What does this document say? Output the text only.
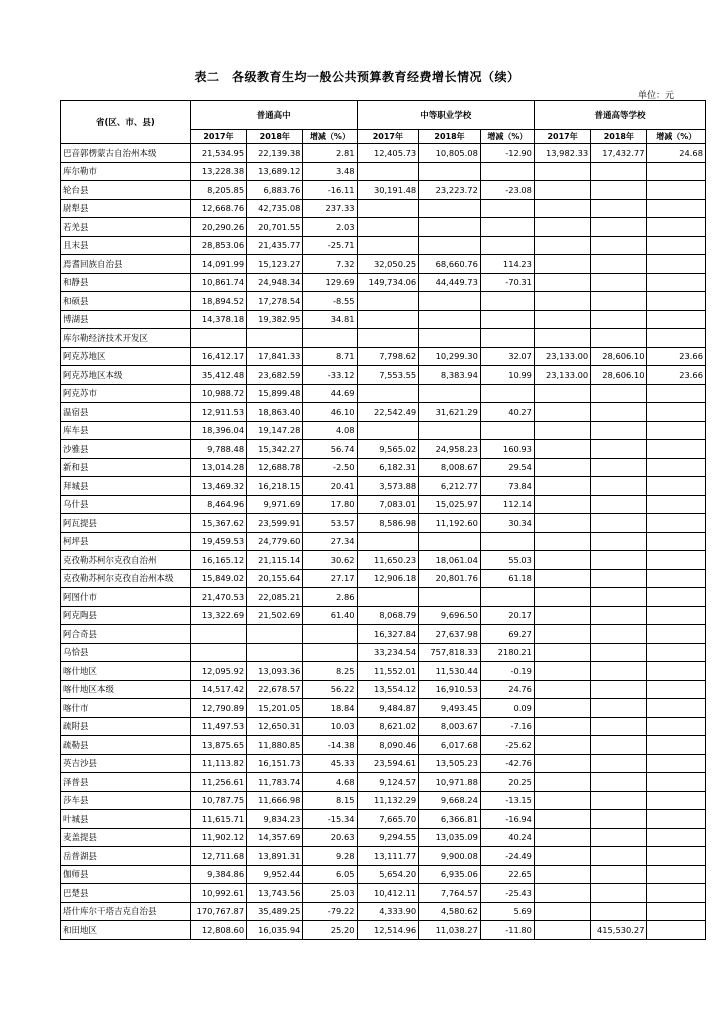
表二　各级教育生均一般公共预算教育经费增长情况（续）
单位：元
省(区、市、县)	普通高中			中等职业学校			普通高等学校		
	2017年	2018年	增减（%）	2017年	2018年	增减（%）	2017年	2018年	增减（%）
巴音郭楞蒙古自治州本级	21,534.95	22,139.38	2.81	12,405.73	10,805.08	-12.90	13,982.33	17,432.77	24.68
库尔勒市	13,228.38	13,689.12	3.48						
轮台县	8,205.85	6,883.76	-16.11	30,191.48	23,223.72	-23.08			
尉犁县	12,668.76	42,735.08	237.33						
若羌县	20,290.26	20,701.55	2.03						
且末县	28,853.06	21,435.77	-25.71						
焉耆回族自治县	14,091.99	15,123.27	7.32	32,050.25	68,660.76	114.23			
和静县	10,861.74	24,948.34	129.69	149,734.06	44,449.73	-70.31			
和硕县	18,894.52	17,278.54	-8.55						
博湖县	14,378.18	19,382.95	34.81						
库尔勒经济技术开发区									
阿克苏地区	16,412.17	17,841.33	8.71	7,798.62	10,299.30	32.07	23,133.00	28,606.10	23.66
阿克苏地区本级	35,412.48	23,682.59	-33.12	7,553.55	8,383.94	10.99	23,133.00	28,606.10	23.66
阿克苏市	10,988.72	15,899.48	44.69						
温宿县	12,911.53	18,863.40	46.10	22,542.49	31,621.29	40.27			
库车县	18,396.04	19,147.28	4.08						
沙雅县	9,788.48	15,342.27	56.74	9,565.02	24,958.23	160.93			
新和县	13,014.28	12,688.78	-2.50	6,182.31	8,008.67	29.54			
拜城县	13,469.32	16,218.15	20.41	3,573.88	6,212.77	73.84			
乌什县	8,464.96	9,971.69	17.80	7,083.01	15,025.97	112.14			
阿瓦提县	15,367.62	23,599.91	53.57	8,586.98	11,192.60	30.34			
柯坪县	19,459.53	24,779.60	27.34						
克孜勒苏柯尔克孜自治州	16,165.12	21,115.14	30.62	11,650.23	18,061.04	55.03			
克孜勒苏柯尔克孜自治州本级	15,849.02	20,155.64	27.17	12,906.18	20,801.76	61.18			
阿图什市	21,470.53	22,085.21	2.86						
阿克陶县	13,322.69	21,502.69	61.40	8,068.79	9,696.50	20.17			
阿合奇县				16,327.84	27,637.98	69.27			
乌恰县				33,234.54	757,818.33	2180.21			
喀什地区	12,095.92	13,093.36	8.25	11,552.01	11,530.44	-0.19			
喀什地区本级	14,517.42	22,678.57	56.22	13,554.12	16,910.53	24.76			
喀什市	12,790.89	15,201.05	18.84	9,484.87	9,493.45	0.09			
疏附县	11,497.53	12,650.31	10.03	8,621.02	8,003.67	-7.16			
疏勒县	13,875.65	11,880.85	-14.38	8,090.46	6,017.68	-25.62			
英吉沙县	11,113.82	16,151.73	45.33	23,594.61	13,505.23	-42.76			
泽普县	11,256.61	11,783.74	4.68	9,124.57	10,971.88	20.25			
莎车县	10,787.75	11,666.98	8.15	11,132.29	9,668.24	-13.15			
叶城县	11,615.71	9,834.23	-15.34	7,665.70	6,366.81	-16.94			
麦盖提县	11,902.12	14,357.69	20.63	9,294.55	13,035.09	40.24			
岳普湖县	12,711.68	13,891.31	9.28	13,111.77	9,900.08	-24.49			
伽师县	9,384.86	9,952.44	6.05	5,654.20	6,935.06	22.65			
巴楚县	10,992.61	13,743.56	25.03	10,412.11	7,764.57	-25.43			
塔什库尔干塔吉克自治县	170,767.87	35,489.25	-79.22	4,333.90	4,580.62	5.69			
和田地区	12,808.60	16,035.94	25.20	12,514.96	11,038.27	-11.80		415,530.27	
